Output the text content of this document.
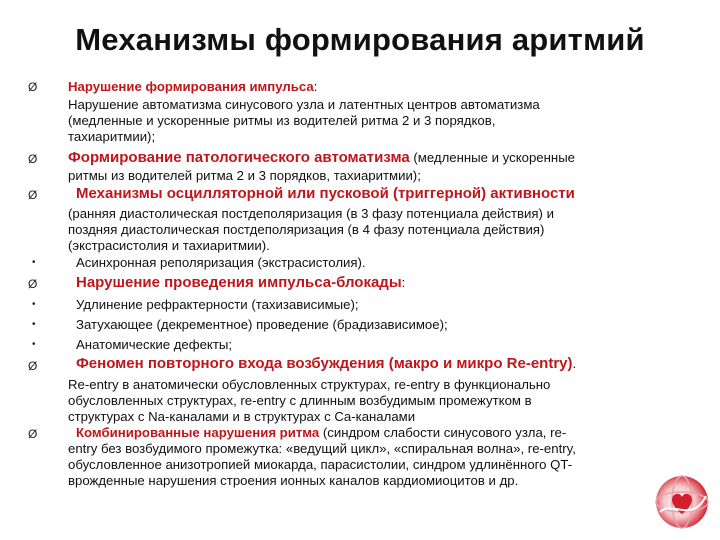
Механизмы формирования аритмий
Ø	Нарушение формирования импульса:
Нарушение автоматизма синусового узла и латентных центров автоматизма
(медленные и ускоренные ритмы из водителей ритма 2 и 3 порядков,
тахиаритмии);
Ø	Формирование патологического автоматизма (медленные и ускоренные
ритмы из водителей ритма 2 и 3 порядков, тахиаритмии);
Ø	Механизмы осцилляторной или пусковой (триггерной) активности
(ранняя диастолическая постдеполяризация (в 3 фазу потенциала действия) и
поздняя диастолическая постдеполяризация (в 4 фазу потенциала действия)
(экстрасистолия и тахиаритмии).
•	Асинхронная реполяризация (экстрасистолия).
Ø	Нарушение проведения импульса-блокады:
•	Удлинение рефрактерности (тахизависимые);
•	Затухающее (декрементное) проведение (брадизависимое);
•	Анатомические дефекты;
Ø	Феномен повторного входа возбуждения (макро и микро Re-entry).
Re-entry в анатомически обусловленных структурах, re-entry в функционально
обусловленных структурах, re-entry с длинным возбудимым промежутком в
структурах с Na-каналами и в структурах с Ca-каналами
Ø	Комбинированные нарушения ритма (синдром слабости синусового узла, re-
entry без возбудимого промежутка: «ведущий цикл», «спиральная волна», re-entry,
обусловленное анизотропией миокарда, парасистолии, синдром удлинённого QT-
врожденные нарушения строения ионных каналов кардиомиоцитов и др.
